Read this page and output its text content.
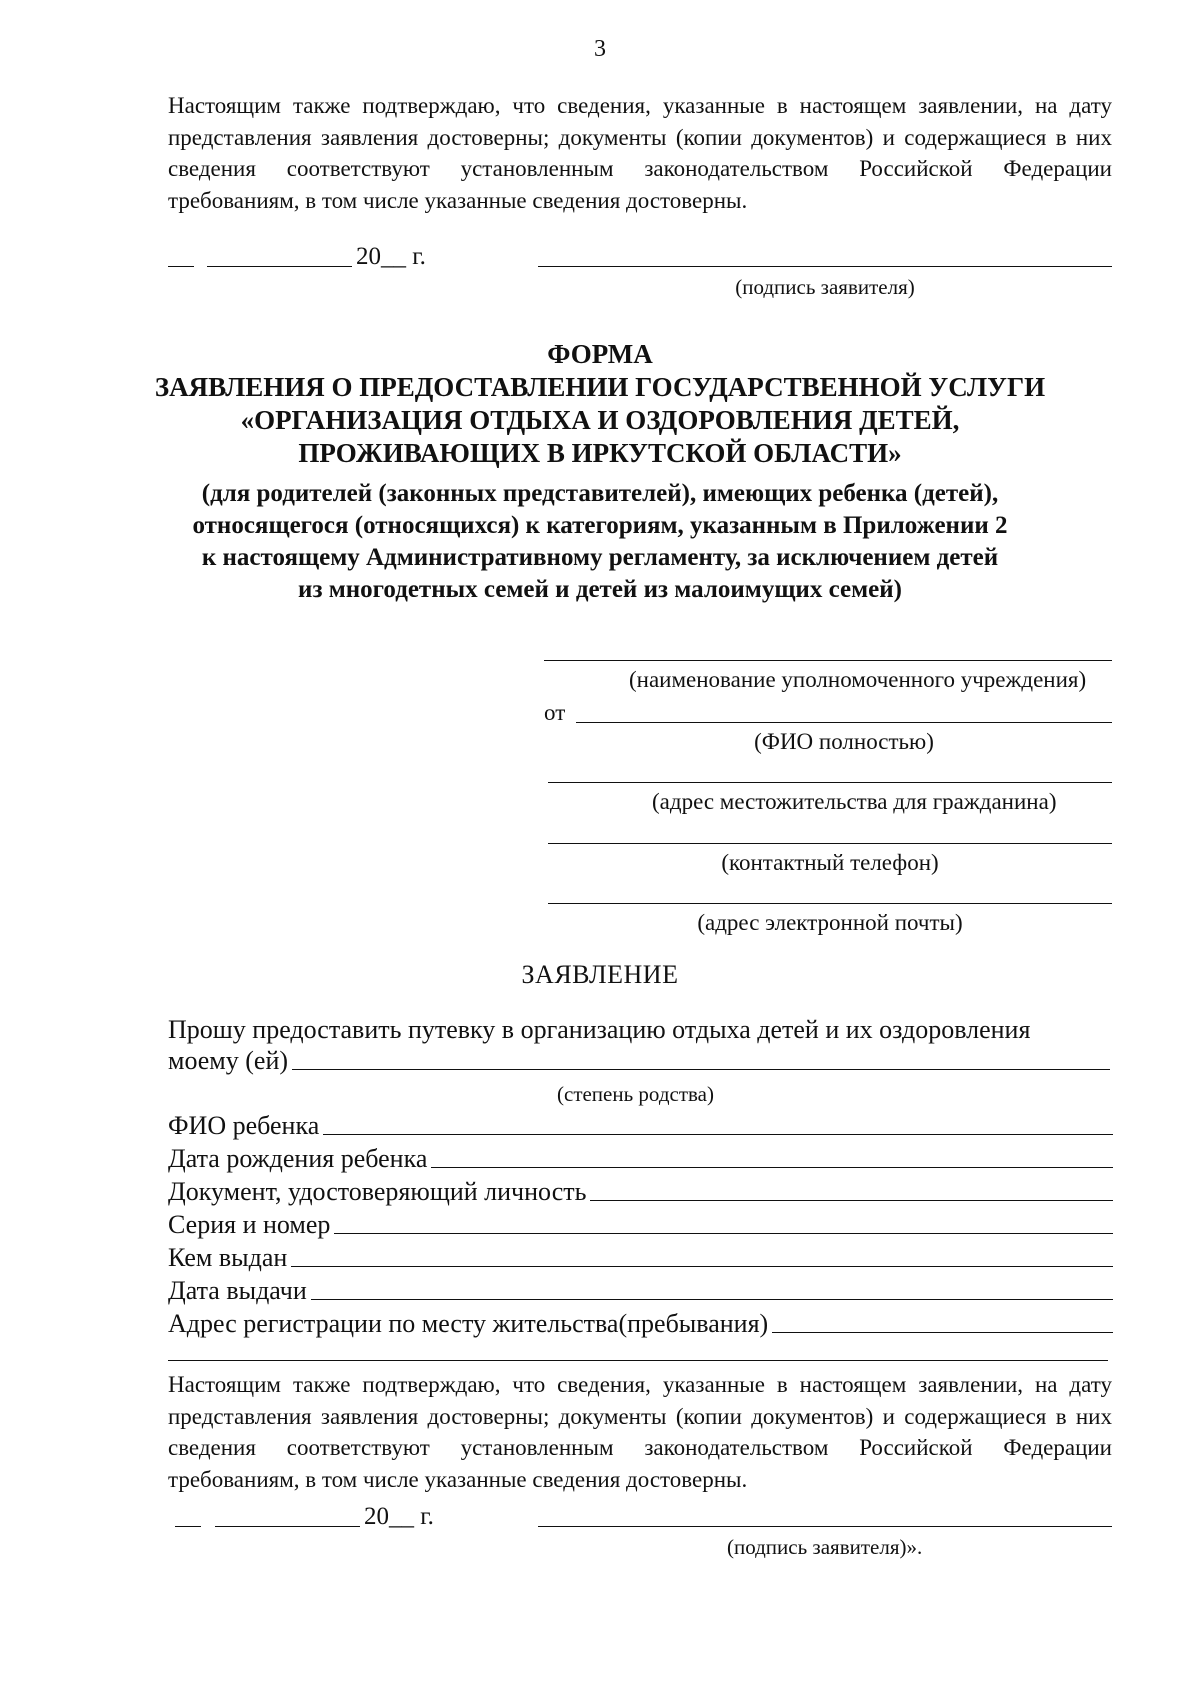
3
Настоящим также подтверждаю, что сведения, указанные в настоящем заявлении, на дату представления заявления достоверны; документы (копии документов) и содержащиеся в них сведения соответствуют установленным законодательством Российской Федерации требованиям, в том числе указанные сведения достоверны.
20__ г.
(подпись заявителя)
ФОРМА
ЗАЯВЛЕНИЯ О ПРЕДОСТАВЛЕНИИ ГОСУДАРСТВЕННОЙ УСЛУГИ
«ОРГАНИЗАЦИЯ ОТДЫХА И ОЗДОРОВЛЕНИЯ ДЕТЕЙ,
ПРОЖИВАЮЩИХ В ИРКУТСКОЙ ОБЛАСТИ»
(для родителей (законных представителей), имеющих ребенка (детей),
относящегося (относящихся) к категориям, указанным в Приложении 2
к настоящему Административному регламенту, за исключением детей
из многодетных семей и детей из малоимущих семей)
(наименование уполномоченного учреждения)
от
(ФИО полностью)
(адрес местожительства для гражданина)
(контактный телефон)
(адрес электронной почты)
ЗАЯВЛЕНИЕ
Прошу предоставить путевку в организацию отдыха детей и их оздоровления
моему (ей)
(степень родства)
ФИО ребенка
Дата рождения ребенка
Документ, удостоверяющий личность
Серия и номер
Кем выдан
Дата выдачи
Адрес регистрации по месту жительства(пребывания)
Настоящим также подтверждаю, что сведения, указанные в настоящем заявлении, на дату представления заявления достоверны; документы (копии документов) и содержащиеся в них сведения соответствуют установленным законодательством Российской Федерации требованиям, в том числе указанные сведения достоверны.
20__ г.
(подпись заявителя)».
